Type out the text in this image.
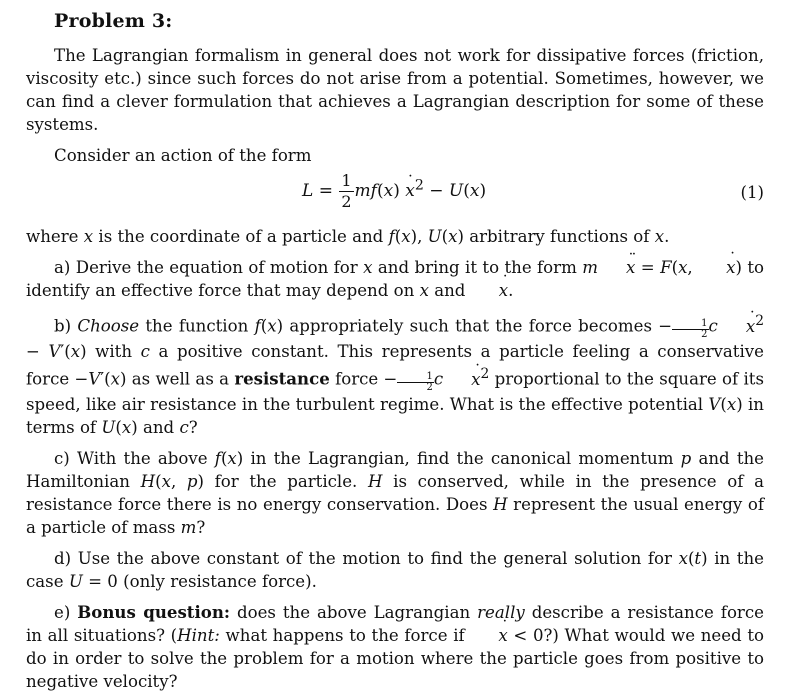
Problem 3:

The Lagrangian formalism in general does not work for dissipative forces (friction, viscosity etc.) since such forces do not arise from a potential. Sometimes, however, we can find a clever formulation that achieves a Lagrangian description for some of these systems.

Consider an action of the form

$L = \frac{1}{2} mf(x)$ x ˙$^2$ − U(x)	(1)

where x is the coordinate of a particle and f(x), U(x) arbitrary functions of x.

a) Derive the equation of motion for x and bring it to the form m x ¨ = F(x, x ˙) to identify an effective force that may depend on x and x ˙.

b) Choose the function f(x) appropriately such that the force becomes − $\frac{1}{2}$ c x ˙$^2$ − V′(x) with c a positive constant. This represents a particle feeling a conservative force −V′(x) as well as a resistance force − $\frac{1}{2}$ c x ˙$^2$ proportional to the square of its speed, like air resistance in the turbulent regime. What is the effective potential V(x) in terms of U(x) and c?

c) With the above f(x) in the Lagrangian, find the canonical momentum p and the Hamiltonian H(x, p) for the particle. H is conserved, while in the presence of a resistance force there is no energy conservation. Does H represent the usual energy of a particle of mass m?

d) Use the above constant of the motion to find the general solution for x(t) in the case U = 0 (only resistance force).

e) Bonus question: does the above Lagrangian really describe a resistance force in all situations? (Hint: what happens to the force if x ˙ < 0?) What would we need to do in order to solve the problem for a motion where the particle goes from positive to negative velocity?
